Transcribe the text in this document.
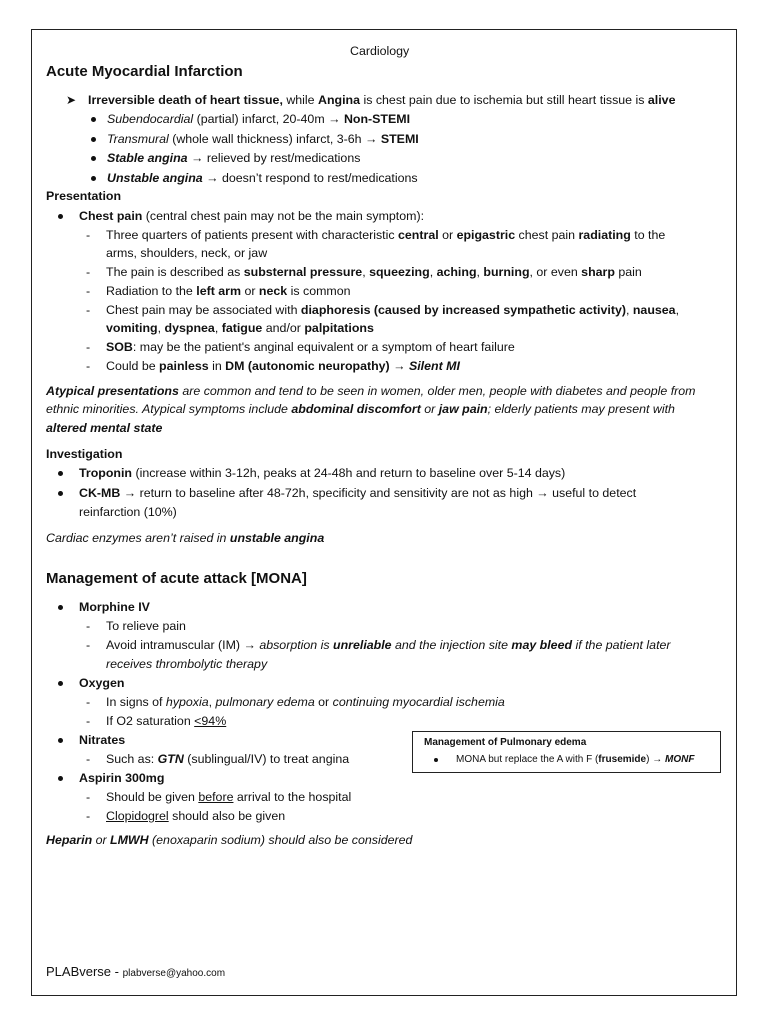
Cardiology
Acute Myocardial Infarction
➤ Irreversible death of heart tissue, while Angina is chest pain due to ischemia but still heart tissue is alive
Subendocardial (partial) infarct, 20-40m → Non-STEMI
Transmural (whole wall thickness) infarct, 3-6h → STEMI
Stable angina → relieved by rest/medications
Unstable angina → doesn’t respond to rest/medications
Presentation
Chest pain (central chest pain may not be the main symptom):
- Three quarters of patients present with characteristic central or epigastric chest pain radiating to the
arms, shoulders, neck, or jaw
- The pain is described as substernal pressure, squeezing, aching, burning, or even sharp pain
- Radiation to the left arm or neck is common
- Chest pain may be associated with diaphoresis (caused by increased sympathetic activity), nausea,
vomiting, dyspnea, fatigue and/or palpitations
- SOB: may be the patient's anginal equivalent or a symptom of heart failure
- Could be painless in DM (autonomic neuropathy) → Silent MI
Atypical presentations are common and tend to be seen in women, older men, people with diabetes and people from
ethnic minorities. Atypical symptoms include abdominal discomfort or jaw pain; elderly patients may present with
altered mental state
Investigation
Troponin (increase within 3-12h, peaks at 24-48h and return to baseline over 5-14 days)
CK-MB → return to baseline after 48-72h, specificity and sensitivity are not as high → useful to detect
reinfarction (10%)
Cardiac enzymes aren’t raised in unstable angina
Management of acute attack [MONA]
Morphine IV
- To relieve pain
- Avoid intramuscular (IM) → absorption is unreliable and the injection site may bleed if the patient later
receives thrombolytic therapy
Oxygen
- In signs of hypoxia, pulmonary edema or continuing myocardial ischemia
- If O2 saturation <94%
Nitrates
- Such as: GTN (sublingual/IV) to treat angina
Aspirin 300mg
- Should be given before arrival to the hospital
- Clopidogrel should also be given
Heparin or LMWH (enoxaparin sodium) should also be considered
Management of Pulmonary edema
MONA but replace the A with F (frusemide) → MONF
PLABverse - plabverse@yahoo.com
